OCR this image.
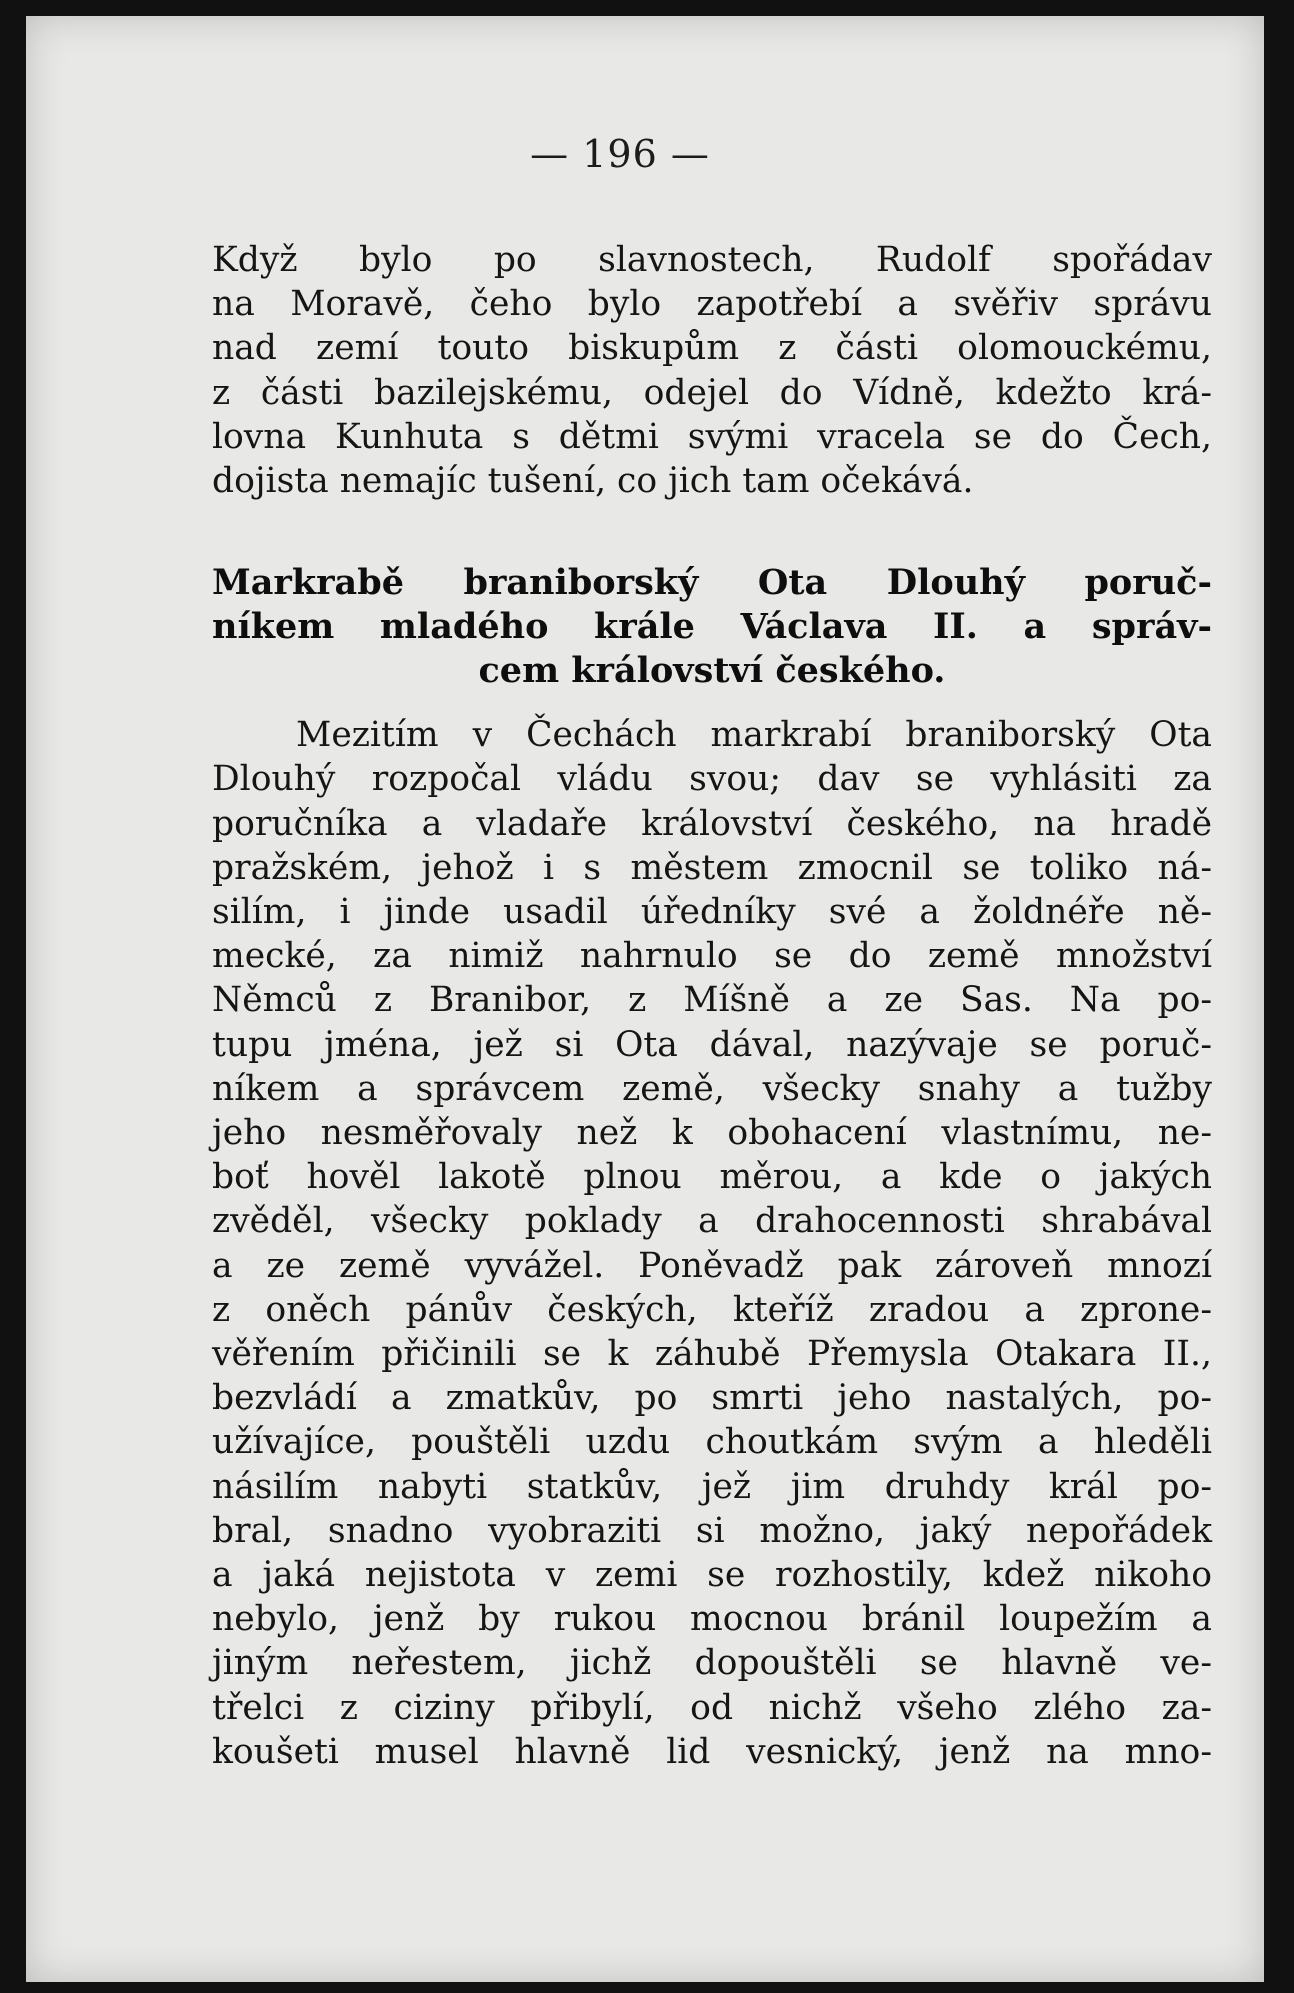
— 196 —
Když bylo po slavnostech, Rudolf spořádav
na Moravě, čeho bylo zapotřebí a svěřiv správu
nad zemí touto biskupům z části olomouckému,
z části bazilejskému, odejel do Vídně, kdežto krá-
lovna Kunhuta s dětmi svými vracela se do Čech,
dojista nemajíc tušení, co jich tam očekává.
Markrabě braniborský Ota Dlouhý poruč-
níkem mladého krále Václava II. a správ-
cem království českého.
Mezitím v Čechách markrabí braniborský Ota
Dlouhý rozpočal vládu svou; dav se vyhlásiti za
poručníka a vladaře království českého, na hradě
pražském, jehož i s městem zmocnil se toliko ná-
silím, i jinde usadil úředníky své a žoldnéře ně-
mecké, za nimiž nahrnulo se do země množství
Němců z Branibor, z Míšně a ze Sas. Na po-
tupu jména, jež si Ota dával, nazývaje se poruč-
níkem a správcem země, všecky snahy a tužby
jeho nesměřovaly než k obohacení vlastnímu, ne-
boť hověl lakotě plnou měrou, a kde o jakých
zvěděl, všecky poklady a drahocennosti shrabával
a ze země vyvážel. Poněvadž pak zároveň mnozí
z oněch pánův českých, kteříž zradou a zprone-
věřením přičinili se k záhubě Přemysla Otakara II.,
bezvládí a zmatkův, po smrti jeho nastalých, po-
užívajíce, pouštěli uzdu choutkám svým a hleděli
násilím nabyti statkův, jež jim druhdy král po-
bral, snadno vyobraziti si možno, jaký nepořádek
a jaká nejistota v zemi se rozhostily, kdež nikoho
nebylo, jenž by rukou mocnou bránil loupežím a
jiným neřestem, jichž dopouštěli se hlavně ve-
třelci z ciziny přibylí, od nichž všeho zlého za-
koušeti musel hlavně lid vesnický, jenž na mno-
